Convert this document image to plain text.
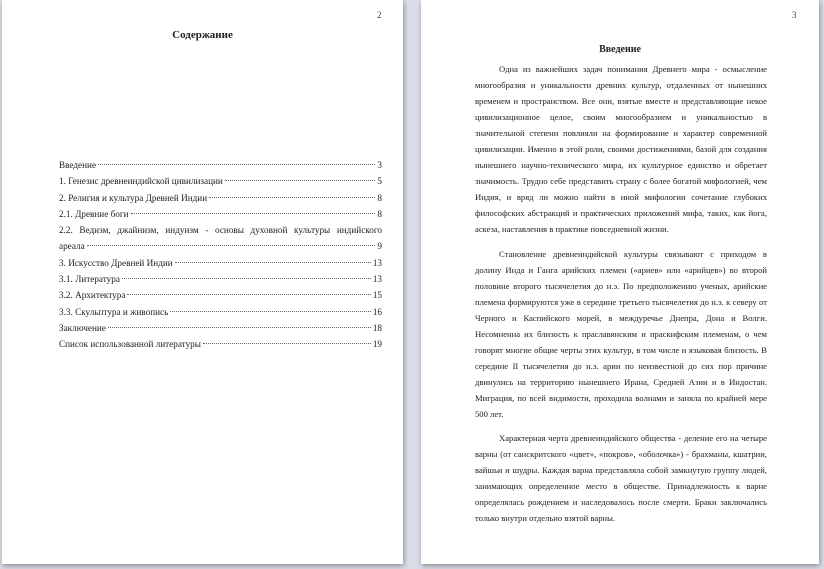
2
Содержание
Введение	3
1. Генезис древнеиндийской цивилизации	5
2. Религия и культура Древней Индии	8
2.1. Древние боги	8
2.2. Ведизм, джайнизм, индуизм - основы духовной культуры индийского
ареала	9
3. Искусство Древней Индии	13
3.1. Литература	13
3.2. Архитектура	15
3.3. Скульптура и живопись	16
Заключение	18
Список использованной литературы	19
3
Введение

Одна из важнейших задач понимания Древнего мира - осмысление многообразия и уникальности древних культур, отдаленных от нынешних временем и пространством. Все они, взятые вместе и представляющие некое цивилизационное целое, своим многообразием и уникальностью в значительной степени повлияли на формирование и характер современной цивилизации. Именно в этой роли, своими достижениями, базой для создания нынешнего научно-технического мира, их культурное единство и обретает значимость. Трудно себе представить страну с более богатой мифологией, чем Индия, и вряд ли можно найти в иной мифологии сочетание глубоких философских абстракций и практических приложений мифа, таких, как йога, аскеза, наставления в практике повседневной жизни.

Становление древнеиндийской культуры связывают с приходом в долину Инда и Ганга арийских племен («ариев» или «арийцев») во второй половине второго тысячелетия до н.э. По предположению ученых, арийские племена формируются уже в середине третьего тысячелетия до н.э. к северу от Черного и Каспийского морей, в междуречье Днепра, Дона и Волги. Несомненна их близость к праславянским и праскифским племенам, о чем говорят многие общие черты этих культур, в том числе и языковая близость. В середине II тысячелетия до н.э. арии по неизвестной до сих пор причине двинулись на территорию нынешнего Ирана, Средней Азии и в Индостан. Миграция, по всей видимости, проходила волнами и заняла по крайней мере 500 лет.

Характерная черта древнеиндийского общества - деление его на четыре варны (от санскритского «цвет», «покров», «оболочка») - брахманы, кшатрии, вайшьи и шудры. Каждая варна представляла собой замкнутую группу людей, занимающих определенное место в обществе. Принадлежность к варне определялась рождением и наследовалось после смерти. Браки заключались только внутри отдельно взятой варны.
